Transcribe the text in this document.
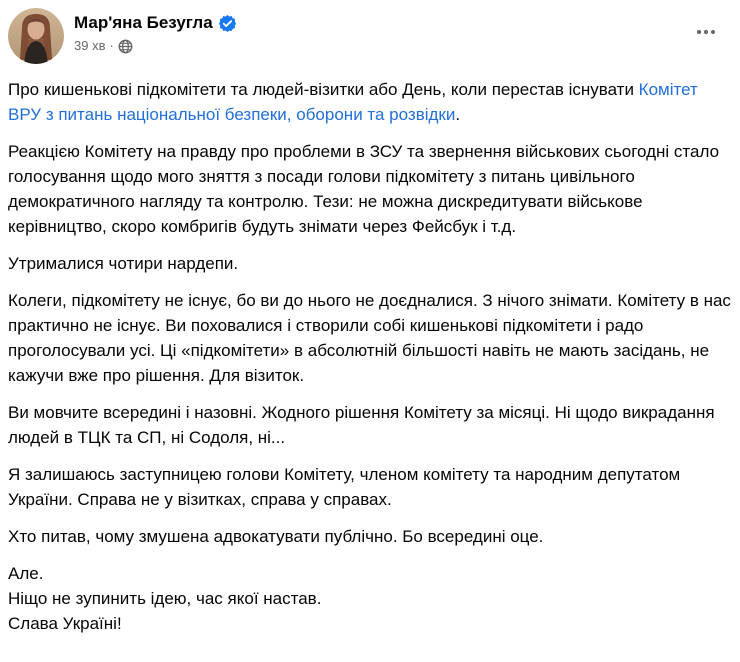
Мар'яна Безугла
39 хв ·

Про кишенькові підкомітети та людей-візитки або День, коли перестав існувати Комітет ВРУ з питань національної безпеки, оборони та розвідки.

Реакцією Комітету на правду про проблеми в ЗСУ та звернення військових сьогодні стало голосування щодо мого зняття з посади голови підкомітету з питань цивільного демократичного нагляду та контролю. Тези: не можна дискредитувати військове керівництво, скоро комбригів будуть знімати через Фейсбук і т.д.

Утрималися чотири нардепи.

Колеги, підкомітету не існує, бо ви до нього не доєдналися. З нічого знімати. Комітету в нас практично не існує. Ви поховалися і створили собі кишенькові підкомітети і радо проголосували усі. Ці «підкомітети» в абсолютній більшості навіть не мають засідань, не кажучи вже про рішення. Для візиток.

Ви мовчите всередині і назовні. Жодного рішення Комітету за місяці. Ні щодо викрадання людей в ТЦК та СП, ні Содоля, ні...

Я залишаюсь заступницею голови Комітету, членом комітету та народним депутатом України. Справа не у візитках, справа у справах.

Хто питав, чому змушена адвокатувати публічно. Бо всередині оце.

Але.
Ніщо не зупинить ідею, час якої настав.
Слава Україні!
